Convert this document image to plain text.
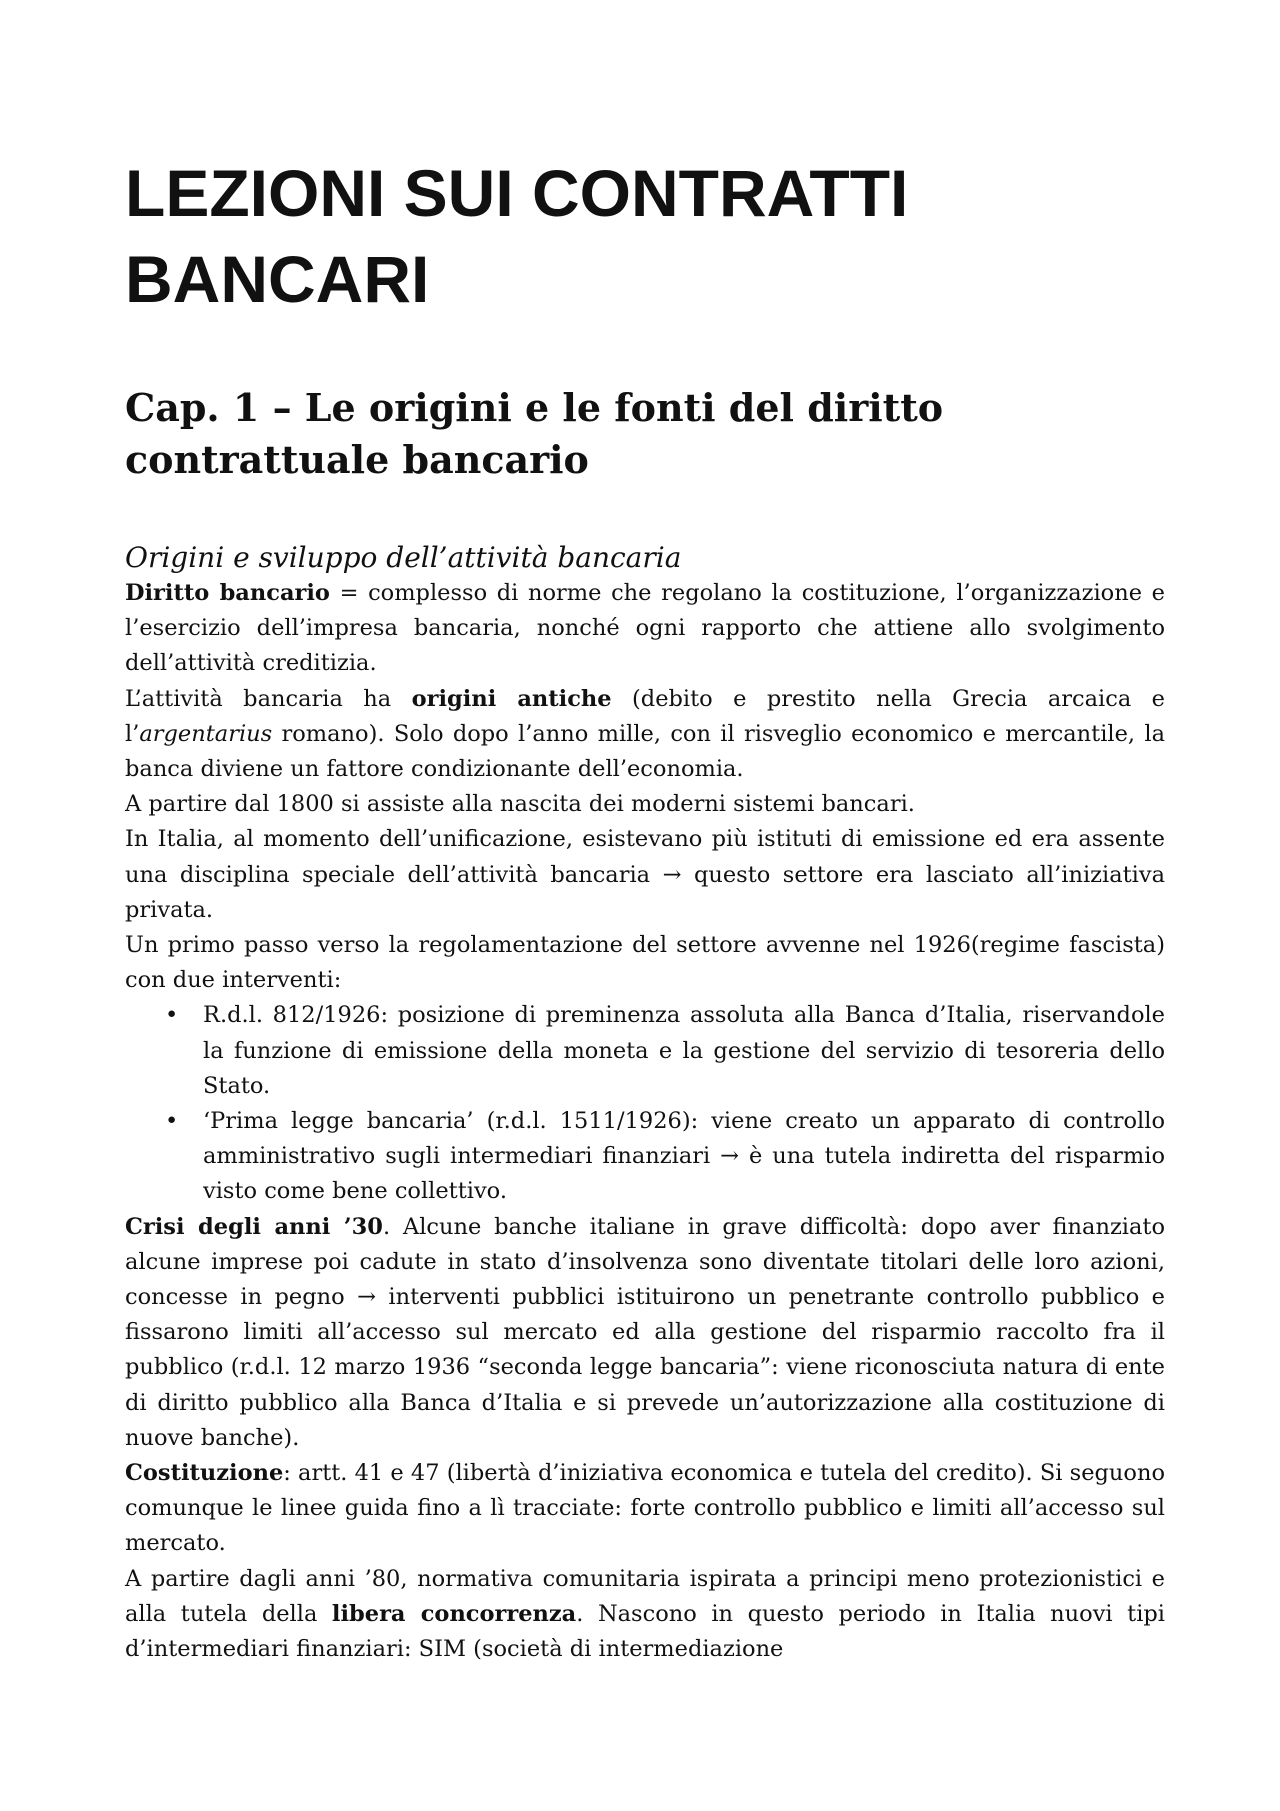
LEZIONI SUI CONTRATTI BANCARI
Cap. 1 – Le origini e le fonti del diritto contrattuale bancario
Origini e sviluppo dell’attività bancaria

Diritto bancario = complesso di norme che regolano la costituzione, l’organizzazione e l’esercizio dell’impresa bancaria, nonché ogni rapporto che attiene allo svolgimento dell’attività creditizia.

L’attività bancaria ha origini antiche (debito e prestito nella Grecia arcaica e l’argentarius romano). Solo dopo l’anno mille, con il risveglio economico e mercantile, la banca diviene un fattore condizionante dell’economia.

A partire dal 1800 si assiste alla nascita dei moderni sistemi bancari.

In Italia, al momento dell’unificazione, esistevano più istituti di emissione ed era assente una disciplina speciale dell’attività bancaria → questo settore era lasciato all’iniziativa privata.

Un primo passo verso la regolamentazione del settore avvenne nel 1926(regime fascista) con due interventi:

• R.d.l. 812/1926: posizione di preminenza assoluta alla Banca d’Italia, riservandole la funzione di emissione della moneta e la gestione del servizio di tesoreria dello Stato.
• ‘Prima legge bancaria’ (r.d.l. 1511/1926): viene creato un apparato di controllo amministrativo sugli intermediari finanziari → è una tutela indiretta del risparmio visto come bene collettivo.

Crisi degli anni ’30. Alcune banche italiane in grave difficoltà: dopo aver finanziato alcune imprese poi cadute in stato d’insolvenza sono diventate titolari delle loro azioni, concesse in pegno → interventi pubblici istituirono un penetrante controllo pubblico e fissarono limiti all’accesso sul mercato ed alla gestione del risparmio raccolto fra il pubblico (r.d.l. 12 marzo 1936 “seconda legge bancaria”: viene riconosciuta natura di ente di diritto pubblico alla Banca d’Italia e si prevede un’autorizzazione alla costituzione di nuove banche).

Costituzione: artt. 41 e 47 (libertà d’iniziativa economica e tutela del credito). Si seguono comunque le linee guida fino a lì tracciate: forte controllo pubblico e limiti all’accesso sul mercato.

A partire dagli anni ’80, normativa comunitaria ispirata a principi meno protezionistici e alla tutela della libera concorrenza. Nascono in questo periodo in Italia nuovi tipi d’intermediari finanziari: SIM (società di intermediazione
